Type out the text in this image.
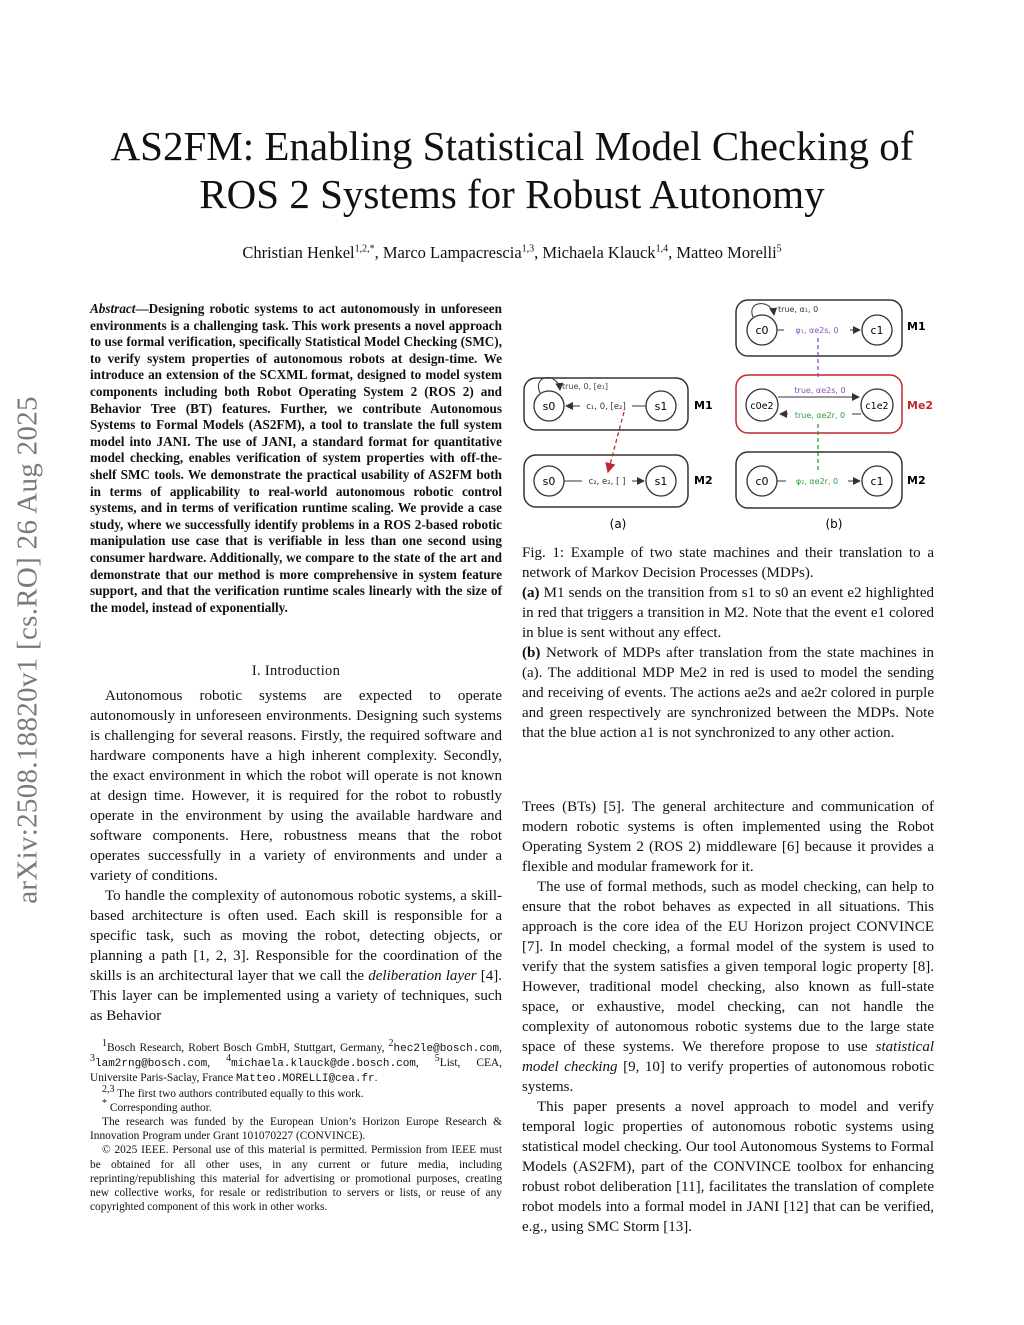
arXiv:2508.18820v1 [cs.RO] 26 Aug 2025
AS2FM: Enabling Statistical Model Checking of
ROS 2 Systems for Robust Autonomy
Christian Henkel$^{1,2,*}$, Marco Lampacrescia$^{1,3}$, Michaela Klauck$^{1,4}$, Matteo Morelli$^5$
Abstract—Designing robotic systems to act autonomously in unforeseen environments is a challenging task. This work presents a novel approach to use formal verification, specifically Statistical Model Checking (SMC), to verify system properties of autonomous robots at design-time. We introduce an extension of the SCXML format, designed to model system components including both Robot Operating System 2 (ROS 2) and Behavior Tree (BT) features. Further, we contribute Autonomous Systems to Formal Models (AS2FM), a tool to translate the full system model into JANI. The use of JANI, a standard format for quantitative model checking, enables verification of system properties with off-the-shelf SMC tools. We demonstrate the practical usability of AS2FM both in terms of applicability to real-world autonomous robotic control systems, and in terms of verification runtime scaling. We provide a case study, where we successfully identify problems in a ROS 2-based robotic manipulation use case that is verifiable in less than one second using consumer hardware. Additionally, we compare to the state of the art and demonstrate that our method is more comprehensive in system feature support, and that the verification runtime scales linearly with the size of the model, instead of exponentially.
I. Introduction

Autonomous robotic systems are expected to operate autonomously in unforeseen environments. Designing such systems is challenging for several reasons. Firstly, the required software and hardware components have a high inherent complexity. Secondly, the exact environment in which the robot will operate is not known at design time. However, it is required for the robot to robustly operate in the environment by using the available hardware and software components. Here, robustness means that the robot operates successfully in a variety of environments and under a variety of conditions.

To handle the complexity of autonomous robotic systems, a skill-based architecture is often used. Each skill is responsible for a specific task, such as moving the robot, detecting objects, or planning a path [1, 2, 3]. Responsible for the coordination of the skills is an architectural layer that we call the deliberation layer [4]. This layer can be implemented using a variety of techniques, such as Behavior

$^1$Bosch Research, Robert Bosch GmbH, Stuttgart, Germany, $^2$hec2le@bosch.com, $^3$lam2rng@bosch.com, $^4$michaela.klauck@de.bosch.com, $^5$List, CEA, Universite Paris-Saclay, France Matteo.MORELLI@cea.fr.

$^{2,3}$ The first two authors contributed equally to this work.

* Corresponding author.

The research was funded by the European Union’s Horizon Europe Research & Innovation Program under Grant 101070227 (CONVINCE).

© 2025 IEEE. Personal use of this material is permitted. Permission from IEEE must be obtained for all other uses, in any current or future media, including reprinting/republishing this material for advertising or promotional purposes, creating new collective works, for resale or redistribution to servers or lists, or reuse of any copyrighted component of this work in other works.

s0	s1
true, 0, [e₁]
c₁, 0, [e₂]	M1
s0	s1
c₂, e₂, [ ]	M2
(a)
c0	c1
true, α₁, 0
φ₁, αe2s, 0	M1
c0e2	c1e2
true, αe2s, 0
true, αe2r, 0
Me2
c0	c1
φ₂, αe2r, 0	M2
(b)

Fig. 1: Example of two state machines and their translation to a network of Markov Decision Processes (MDPs).

(a) M1 sends on the transition from s1 to s0 an event e2 highlighted in red that triggers a transition in M2. Note that the event e1 colored in blue is sent without any effect.

(b) Network of MDPs after translation from the state machines in (a). The additional MDP Me2 in red is used to model the sending and receiving of events. The actions ae2s and ae2r colored in purple and green respectively are synchronized between the MDPs. Note that the blue action a1 is not synchronized to any other action.

Trees (BTs) [5]. The general architecture and communication of modern robotic systems is often implemented using the Robot Operating System 2 (ROS 2) middleware [6] because it provides a flexible and modular framework for it.

The use of formal methods, such as model checking, can help to ensure that the robot behaves as expected in all situations. This approach is the core idea of the EU Horizon project CONVINCE [7]. In model checking, a formal model of the system is used to verify that the system satisfies a given temporal logic property [8]. However, traditional model checking, also known as full-state space, or exhaustive, model checking, can not handle the complexity of autonomous robotic systems due to the large state space of these systems. We therefore propose to use statistical model checking [9, 10] to verify properties of autonomous robotic systems.

This paper presents a novel approach to model and verify temporal logic properties of autonomous robotic systems using statistical model checking. Our tool Autonomous Systems to Formal Models (AS2FM), part of the CONVINCE toolbox for enhancing robust robot deliberation [11], facilitates the translation of complete robot models into a formal model in JANI [12] that can be verified, e.g., using SMC Storm [13].
